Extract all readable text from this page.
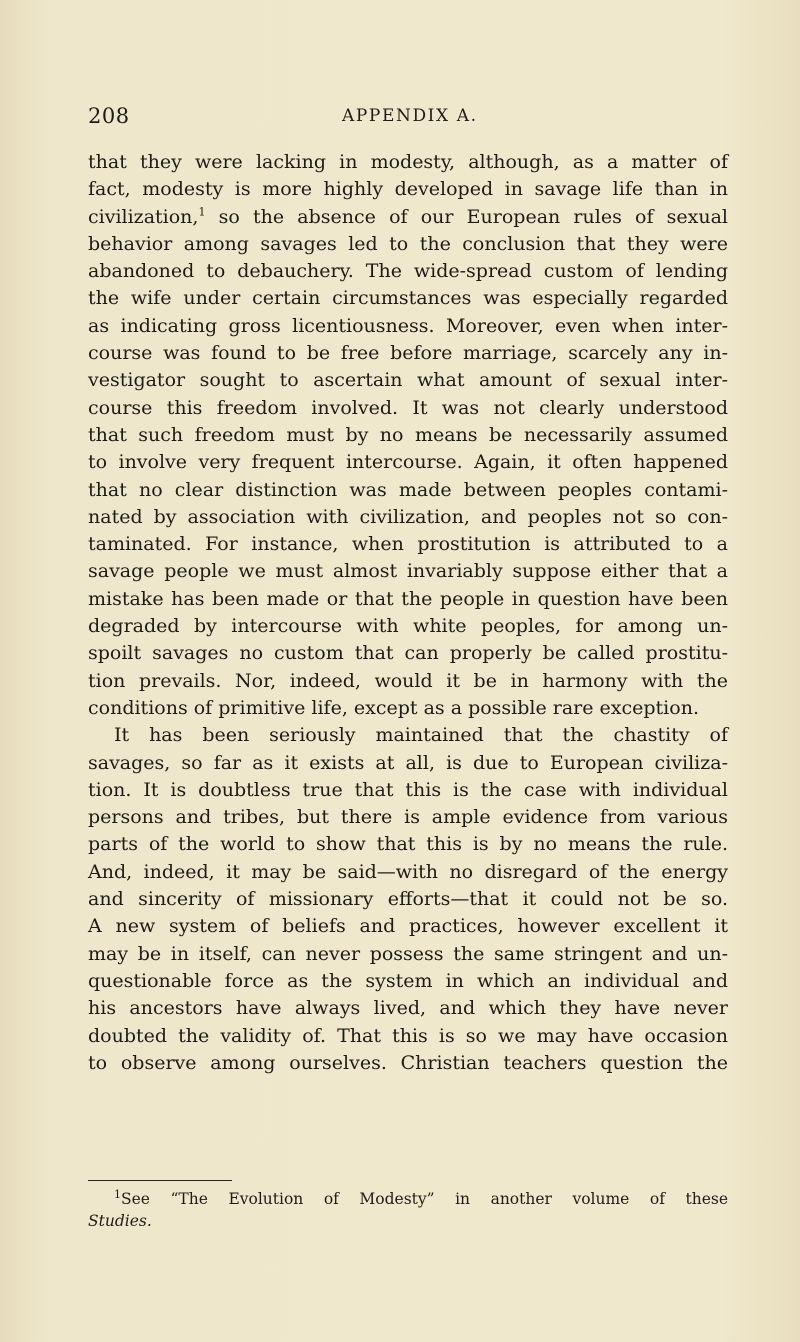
208	APPENDIX A.
that they were lacking in modesty, although, as a matter of
fact, modesty is more highly developed in savage life than in
civilization,$^1$ so the absence of our European rules of sexual
behavior among savages led to the conclusion that they were
abandoned to debauchery. The wide-spread custom of lending
the wife under certain circumstances was especially regarded
as indicating gross licentiousness. Moreover, even when inter-
course was found to be free before marriage, scarcely any in-
vestigator sought to ascertain what amount of sexual inter-
course this freedom involved. It was not clearly understood
that such freedom must by no means be necessarily assumed
to involve very frequent intercourse. Again, it often happened
that no clear distinction was made between peoples contami-
nated by association with civilization, and peoples not so con-
taminated. For instance, when prostitution is attributed to a
savage people we must almost invariably suppose either that a
mistake has been made or that the people in question have been
degraded by intercourse with white peoples, for among un-
spoilt savages no custom that can properly be called prostitu-
tion prevails. Nor, indeed, would it be in harmony with the
conditions of primitive life, except as a possible rare exception.
It has been seriously maintained that the chastity of
savages, so far as it exists at all, is due to European civiliza-
tion. It is doubtless true that this is the case with individual
persons and tribes, but there is ample evidence from various
parts of the world to show that this is by no means the rule.
And, indeed, it may be said—with no disregard of the energy
and sincerity of missionary efforts—that it could not be so.
A new system of beliefs and practices, however excellent it
may be in itself, can never possess the same stringent and un-
questionable force as the system in which an individual and
his ancestors have always lived, and which they have never
doubted the validity of. That this is so we may have occasion
to observe among ourselves. Christian teachers question the
$^1$See “The Evolution of Modesty” in another volume of these
Studies.
